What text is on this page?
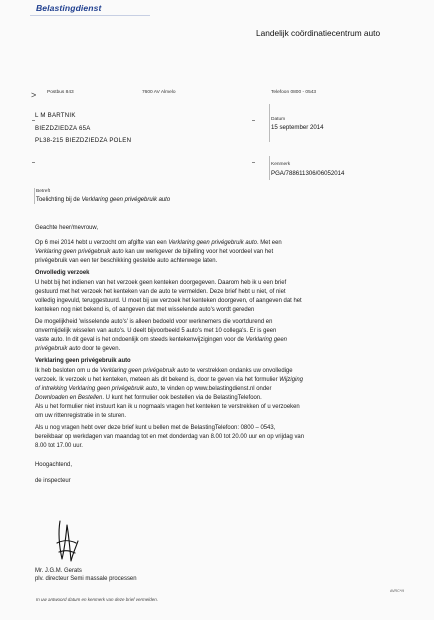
Belastingdienst
Landelijk coördinatiecentrum auto
> Postbus 843	7600 AV Almelo	Telefoon 0800 - 0543
L M BARTNIK
BIEZDZIEDZA 65A
PL38-215 BIEZDZIEDZA POLEN
Datum
15 september 2014
Kenmerk
PGA/788611306/06052014
Betreft
Toelichting bij de Verklaring geen privégebruik auto
Geachte heer/mevrouw,
Op 6 mei 2014 hebt u verzocht om afgifte van een Verklaring geen privégebruik auto. Met een
Verklaring geen privégebruik auto kan uw werkgever de bijtelling voor het voordeel van het
privégebruik van een ter beschikking gestelde auto achterwege laten.
Onvolledig verzoek
U hebt bij het indienen van het verzoek geen kenteken doorgegeven. Daarom heb ik u een brief
gestuurd met het verzoek het kenteken van de auto te vermelden. Deze brief hebt u niet, of niet
volledig ingevuld, teruggestuurd. U moet bij uw verzoek het kenteken doorgeven, of aangeven dat het
kenteken nog niet bekend is, of aangeven dat met wisselende auto's wordt gereden
De mogelijkheid 'wisselende auto's' is alleen bedoeld voor werknemers die voortdurend en
onvermijdelijk wisselen van auto's. U deelt bijvoorbeeld 5 auto's met 10 collega's. Er is geen
vaste auto. In dit geval is het ondoenlijk om steeds kentekenwijzigingen voor de Verklaring geen
privégebruik auto door te geven.
Verklaring geen privégebruik auto
Ik heb besloten om u de Verklaring geen privégebruik auto te verstrekken ondanks uw onvolledige
verzoek. Ik verzoek u het kenteken, meteen als dit bekend is, door te geven via het formulier Wijziging
of intrekking Verklaring geen privégebruik auto, te vinden op www.belastingdienst.nl onder
Downloaden en Bestellen. U kunt het formulier ook bestellen via de BelastingTelefoon.
Als u het formulier niet instuurt kan ik u nogmaals vragen het kenteken te verstrekken of u verzoeken
om uw rittenregistratie in te sturen.
Als u nog vragen hebt over deze brief kunt u bellen met de BelastingTelefoon: 0800 – 0543,
bereikbaar op werkdagen van maandag tot en met donderdag van 8.00 tot 20.00 uur en op vrijdag van
8.00 tot 17.00 uur.
Hoogachtend,
de inspecteur
Mr. J.G.M. Gerats
plv. directeur Semi massale processen
In uw antwoord datum en kenmerk van deze brief vermelden.
AVRC*/9
